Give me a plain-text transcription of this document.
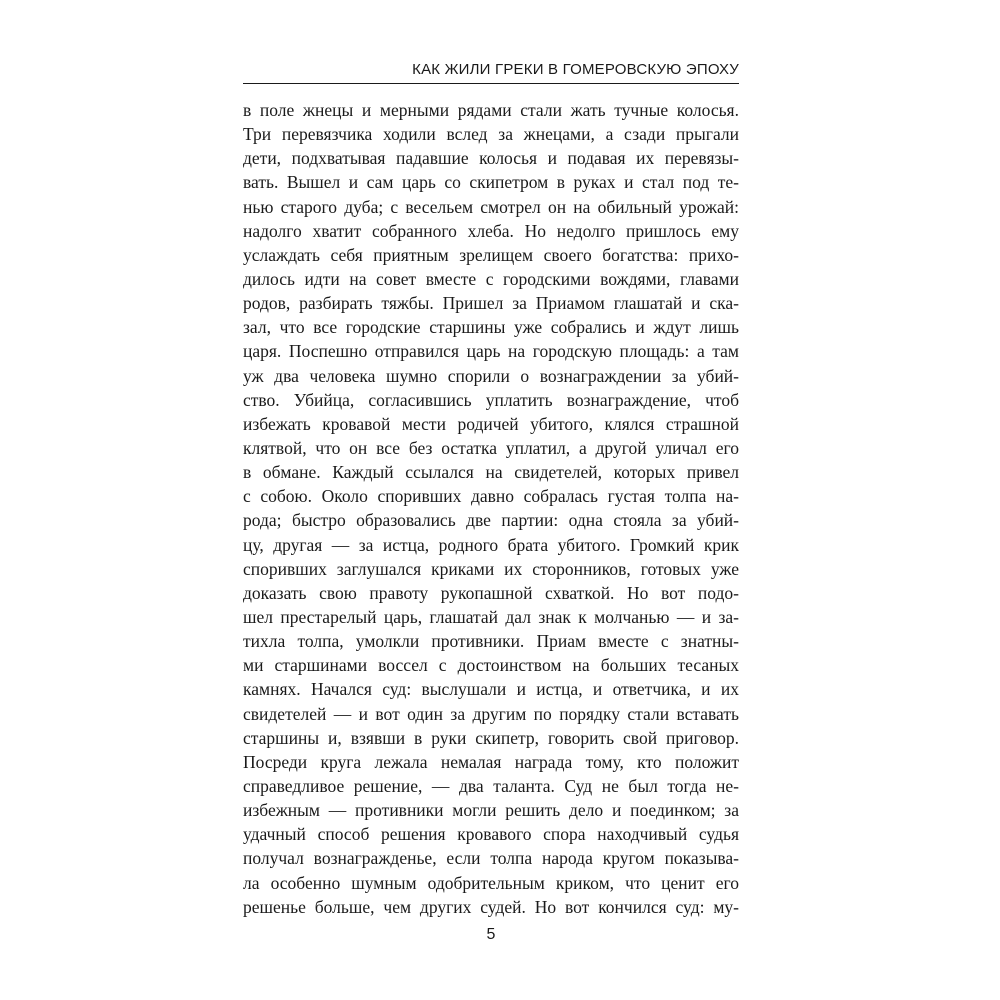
КАК ЖИЛИ ГРЕКИ В ГОМЕРОВСКУЮ ЭПОХУ
в поле жнецы и мерными рядами стали жать тучные колосья.
Три перевязчика ходили вслед за жнецами, а сзади прыгали
дети, подхватывая падавшие колосья и подавая их перевязы-
вать. Вышел и сам царь со скипетром в руках и стал под те-
нью старого дуба; с весельем смотрел он на обильный урожай:
надолго хватит собранного хлеба. Но недолго пришлось ему
услаждать себя приятным зрелищем своего богатства: прихо-
дилось идти на совет вместе с городскими вождями, главами
родов, разбирать тяжбы. Пришел за Приамом глашатай и ска-
зал, что все городские старшины уже собрались и ждут лишь
царя. Поспешно отправился царь на городскую площадь: а там
уж два человека шумно спорили о вознаграждении за убий-
ство. Убийца, согласившись уплатить вознаграждение, чтоб
избежать кровавой мести родичей убитого, клялся страшной
клятвой, что он все без остатка уплатил, а другой уличал его
в обмане. Каждый ссылался на свидетелей, которых привел
с собою. Около споривших давно собралась густая толпа на-
рода; быстро образовались две партии: одна стояла за убий-
цу, другая — за истца, родного брата убитого. Громкий крик
споривших заглушался криками их сторонников, готовых уже
доказать свою правоту рукопашной схваткой. Но вот подо-
шел престарелый царь, глашатай дал знак к молчанью — и за-
тихла толпа, умолкли противники. Приам вместе с знатны-
ми старшинами воссел с достоинством на больших тесаных
камнях. Начался суд: выслушали и истца, и ответчика, и их
свидетелей — и вот один за другим по порядку стали вставать
старшины и, взявши в руки скипетр, говорить свой приговор.
Посреди круга лежала немалая награда тому, кто положит
справедливое решение, — два таланта. Суд не был тогда не-
избежным — противники могли решить дело и поединком; за
удачный способ решения кровавого спора находчивый судья
получал вознагражденье, если толпа народа кругом показыва-
ла особенно шумным одобрительным криком, что ценит его
решенье больше, чем других судей. Но вот кончился суд: му-
5
